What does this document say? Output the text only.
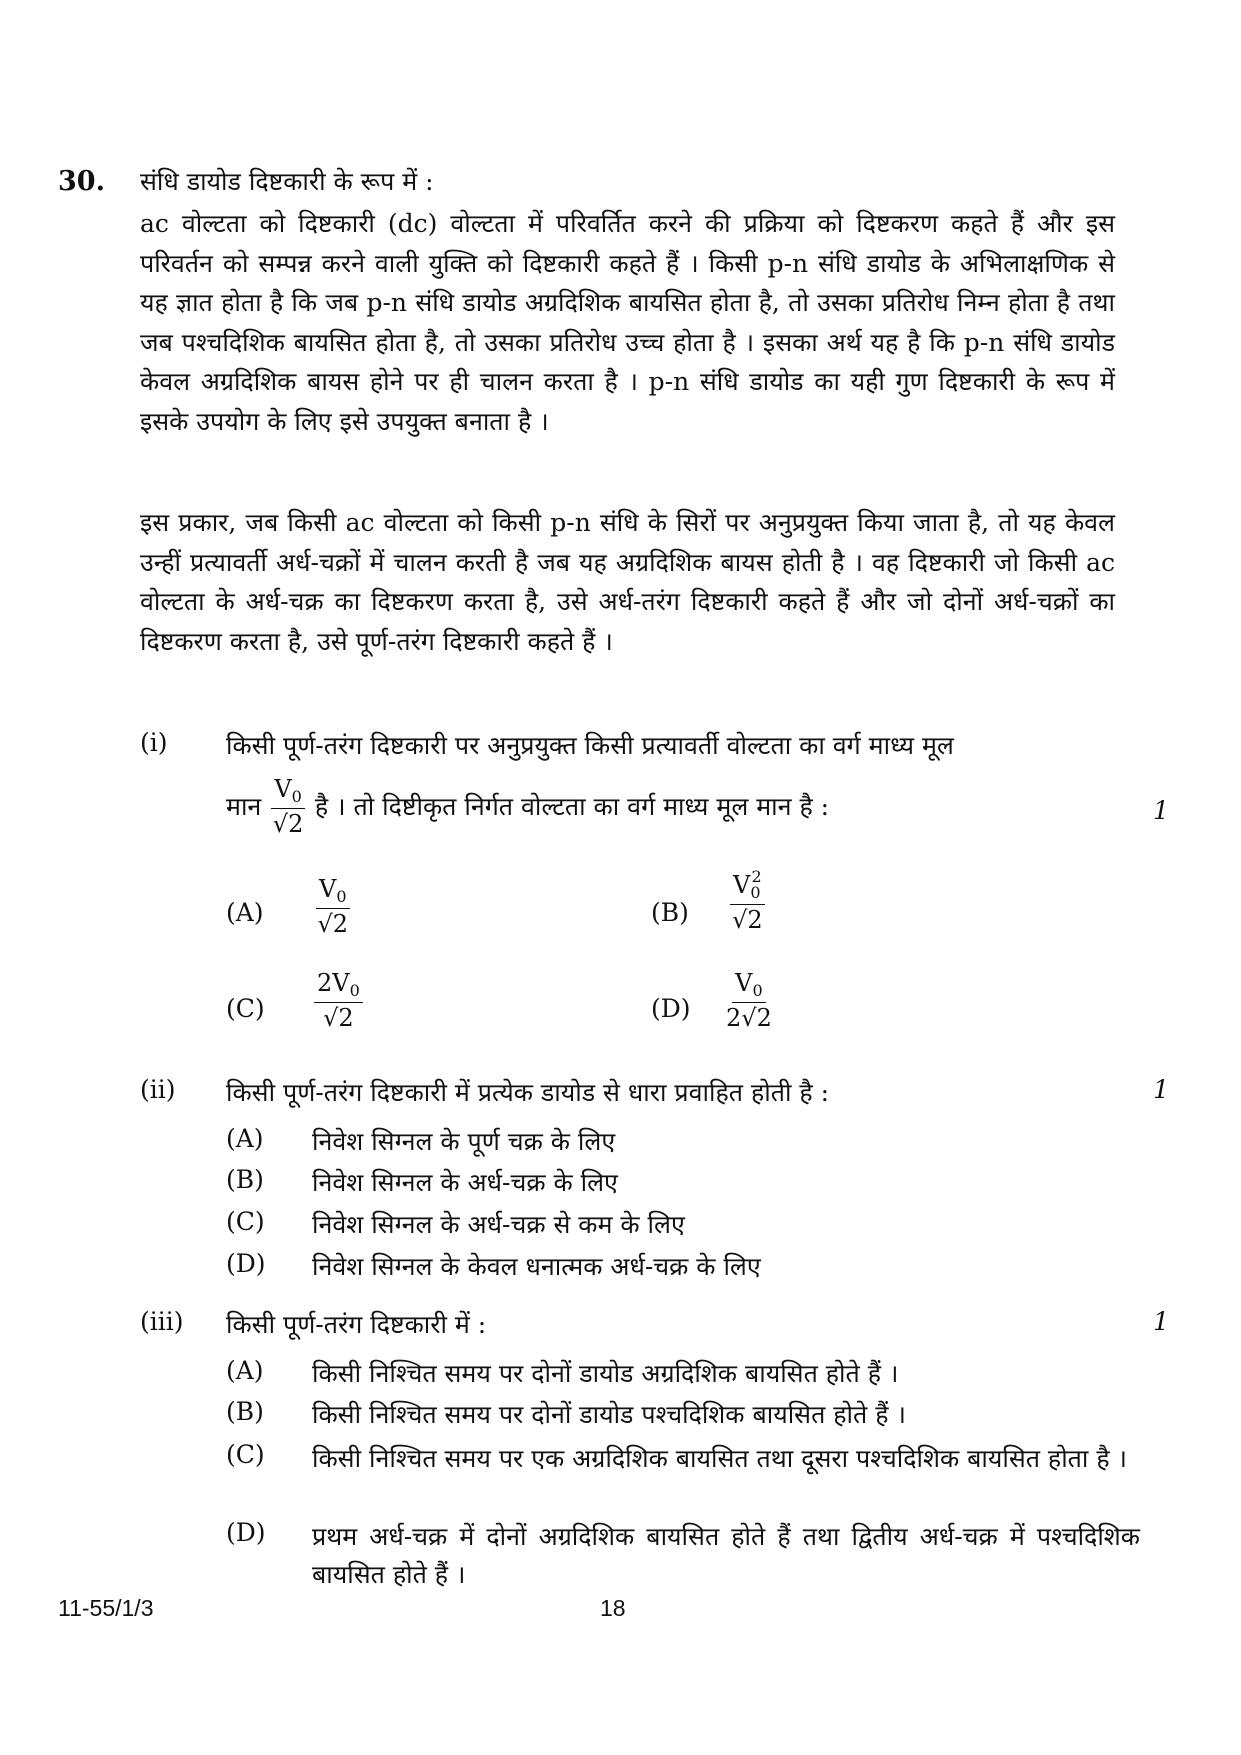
30. संधि डायोड दिष्टकारी के रूप में :

ac वोल्टता को दिष्टकारी (dc) वोल्टता में परिवर्तित करने की प्रक्रिया को दिष्टकरण कहते हैं और इस परिवर्तन को सम्पन्न करने वाली युक्ति को दिष्टकारी कहते हैं । किसी p-n संधि डायोड के अभिलाक्षणिक से यह ज्ञात होता है कि जब p-n संधि डायोड अग्रदिशिक बायसित होता है, तो उसका प्रतिरोध निम्न होता है तथा जब पश्चदिशिक बायसित होता है, तो उसका प्रतिरोध उच्च होता है । इसका अर्थ यह है कि p-n संधि डायोड केवल अग्रदिशिक बायस होने पर ही चालन करता है । p-n संधि डायोड का यही गुण दिष्टकारी के रूप में इसके उपयोग के लिए इसे उपयुक्त बनाता है ।

इस प्रकार, जब किसी ac वोल्टता को किसी p-n संधि के सिरों पर अनुप्रयुक्त किया जाता है, तो यह केवल उन्हीं प्रत्यावर्ती अर्ध-चक्रों में चालन करती है जब यह अग्रदिशिक बायस होती है । वह दिष्टकारी जो किसी ac वोल्टता के अर्ध-चक्र का दिष्टकरण करता है, उसे अर्ध-तरंग दिष्टकारी कहते हैं और जो दोनों अर्ध-चक्रों का दिष्टकरण करता है, उसे पूर्ण-तरंग दिष्टकारी कहते हैं ।

(i) किसी पूर्ण-तरंग दिष्टकारी पर अनुप्रयुक्त किसी प्रत्यावर्ती वोल्टता का वर्ग माध्य मूल
मान $\frac{V_0}{√2}$ है । तो दिष्टीकृत निर्गत वोल्टता का वर्ग माध्य मूल मान है :	1
$(A) \frac{V_0}{√2}$	$(B) \frac{V_0^2}{√2}$
$(C) \frac{2V_0}{√2}$	$(D) \frac{V_0}{2√2}$
(ii) किसी पूर्ण-तरंग दिष्टकारी में प्रत्येक डायोड से धारा प्रवाहित होती है :	1
(A) निवेश सिग्नल के पूर्ण चक्र के लिए
(B) निवेश सिग्नल के अर्ध-चक्र के लिए
(C) निवेश सिग्नल के अर्ध-चक्र से कम के लिए
(D) निवेश सिग्नल के केवल धनात्मक अर्ध-चक्र के लिए
(iii) किसी पूर्ण-तरंग दिष्टकारी में :	1
(A) किसी निश्चित समय पर दोनों डायोड अग्रदिशिक बायसित होते हैं ।
(B) किसी निश्चित समय पर दोनों डायोड पश्चदिशिक बायसित होते हैं ।
(C) किसी निश्चित समय पर एक अग्रदिशिक बायसित तथा दूसरा पश्चदिशिक बायसित होता है ।
(D) प्रथम अर्ध-चक्र में दोनों अग्रदिशिक बायसित होते हैं तथा द्वितीय अर्ध-चक्र में पश्चदिशिक बायसित होते हैं ।
11-55/1/3	18
